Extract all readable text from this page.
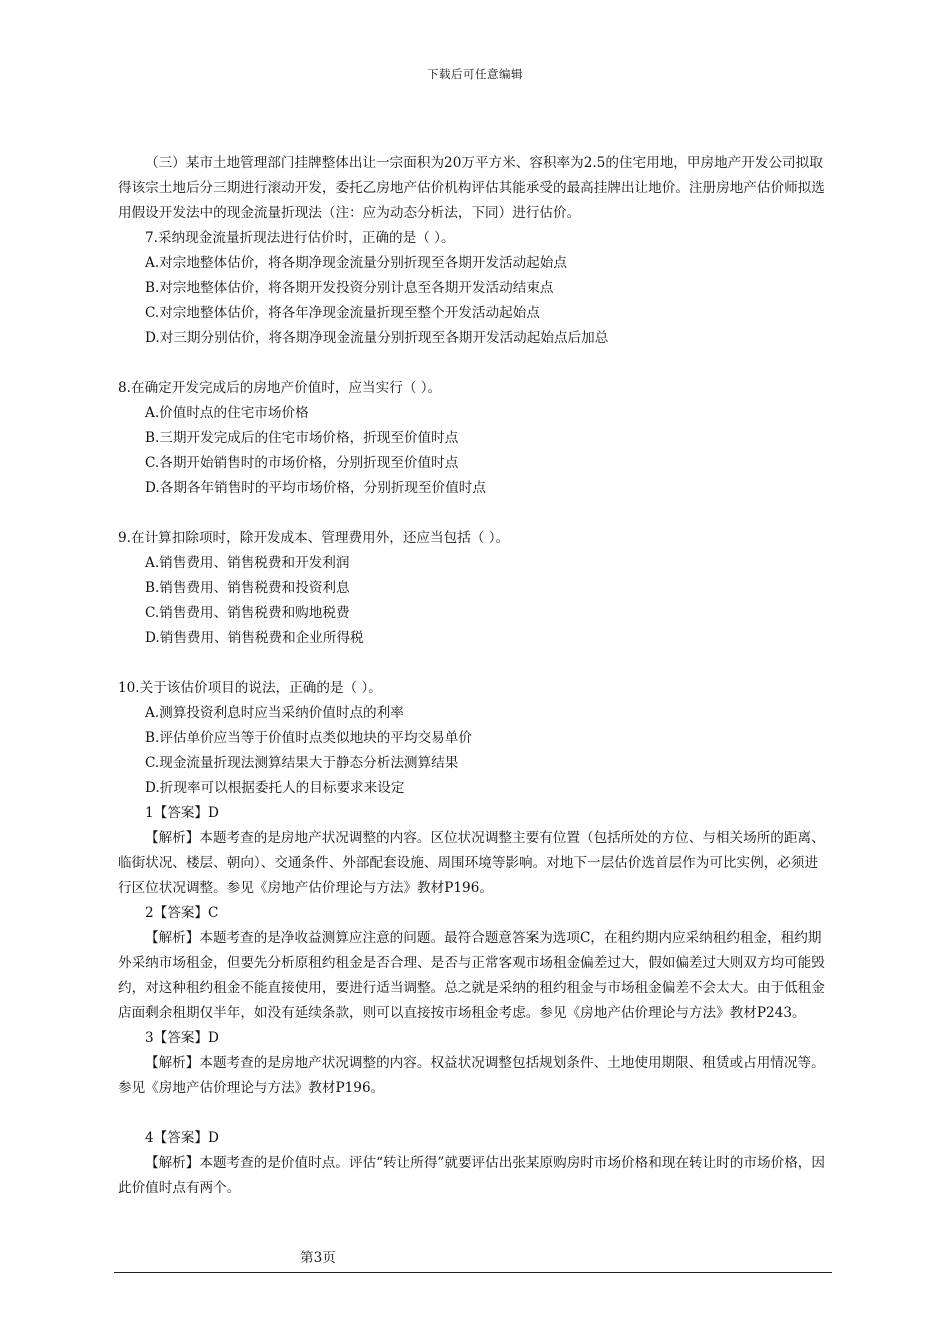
下载后可任意编辑

（三）某市土地管理部门挂牌整体出让一宗面积为20万平方米、容积率为2.5的住宅用地，甲房地产开发公司拟取得该宗土地后分三期进行滚动开发，委托乙房地产估价机构评估其能承受的最高挂牌出让地价。注册房地产估价师拟选用假设开发法中的现金流量折现法（注：应为动态分析法，下同）进行估价。

7.采纳现金流量折现法进行估价时，正确的是（ ）。

A.对宗地整体估价，将各期净现金流量分别折现至各期开发活动起始点

B.对宗地整体估价，将各期开发投资分别计息至各期开发活动结束点

C.对宗地整体估价，将各年净现金流量折现至整个开发活动起始点

D.对三期分别估价，将各期净现金流量分别折现至各期开发活动起始点后加总

8.在确定开发完成后的房地产价值时，应当实行（ ）。

A.价值时点的住宅市场价格

B.三期开发完成后的住宅市场价格，折现至价值时点

C.各期开始销售时的市场价格，分别折现至价值时点

D.各期各年销售时的平均市场价格，分别折现至价值时点

9.在计算扣除项时，除开发成本、管理费用外，还应当包括（ ）。

A.销售费用、销售税费和开发利润

B.销售费用、销售税费和投资利息

C.销售费用、销售税费和购地税费

D.销售费用、销售税费和企业所得税

10.关于该估价项目的说法，正确的是（ ）。

A.测算投资利息时应当采纳价值时点的利率

B.评估单价应当等于价值时点类似地块的平均交易单价

C.现金流量折现法测算结果大于静态分析法测算结果

D.折现率可以根据委托人的目标要求来设定

1【答案】D

【解析】本题考查的是房地产状况调整的内容。区位状况调整主要有位置（包括所处的方位、与相关场所的距离、临街状况、楼层、朝向）、交通条件、外部配套设施、周围环境等影响。对地下一层估价选首层作为可比实例，必须进行区位状况调整。参见《房地产估价理论与方法》教材P196。

2【答案】C

【解析】本题考查的是净收益测算应注意的问题。最符合题意答案为选项C，在租约期内应采纳租约租金，租约期外采纳市场租金，但要先分析原租约租金是否合理、是否与正常客观市场租金偏差过大，假如偏差过大则双方均可能毁约，对这种租约租金不能直接使用，要进行适当调整。总之就是采纳的租约租金与市场租金偏差不会太大。由于低租金店面剩余租期仅半年，如没有延续条款，则可以直接按市场租金考虑。参见《房地产估价理论与方法》教材P243。

3【答案】D

【解析】本题考查的是房地产状况调整的内容。权益状况调整包括规划条件、土地使用期限、租赁或占用情况等。参见《房地产估价理论与方法》教材P196。

4【答案】D

【解析】本题考查的是价值时点。评估“转让所得”就要评估出张某原购房时市场价格和现在转让时的市场价格，因此价值时点有两个。

第3页
